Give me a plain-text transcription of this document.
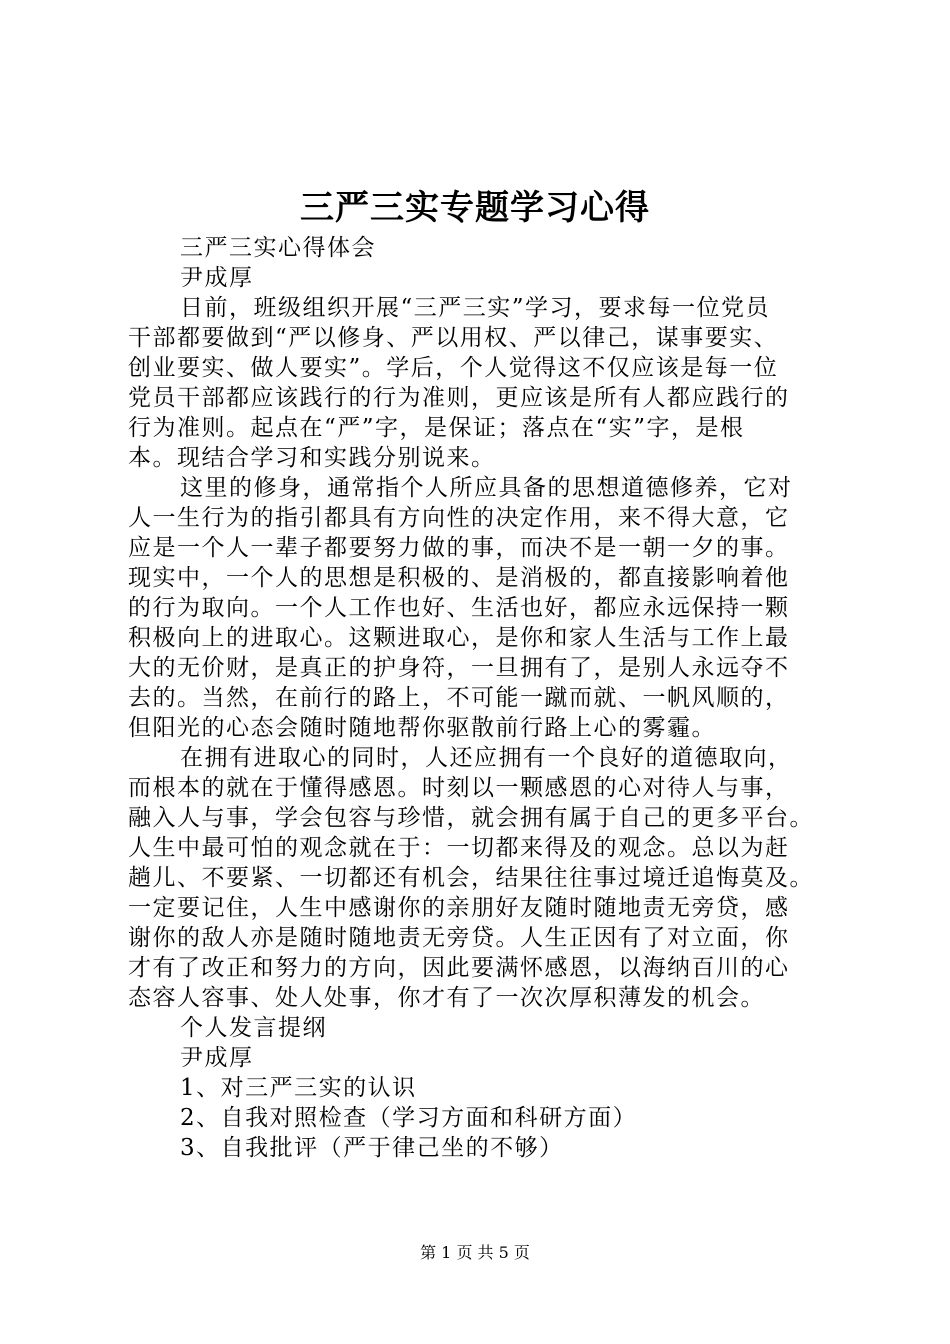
三严三实专题学习心得
三严三实心得体会
尹成厚
日前，班级组织开展“三严三实”学习，要求每一位党员
干部都要做到“严以修身、严以用权、严以律己，谋事要实、
创业要实、做人要实”。学后，个人觉得这不仅应该是每一位
党员干部都应该践行的行为准则，更应该是所有人都应践行的
行为准则。起点在“严”字，是保证；落点在“实”字，是根
本。现结合学习和实践分别说来。
这里的修身，通常指个人所应具备的思想道德修养，它对
人一生行为的指引都具有方向性的决定作用，来不得大意，它
应是一个人一辈子都要努力做的事，而决不是一朝一夕的事。
现实中，一个人的思想是积极的、是消极的，都直接影响着他
的行为取向。一个人工作也好、生活也好，都应永远保持一颗
积极向上的进取心。这颗进取心，是你和家人生活与工作上最
大的无价财，是真正的护身符，一旦拥有了，是别人永远夺不
去的。当然，在前行的路上，不可能一蹴而就、一帆风顺的，
但阳光的心态会随时随地帮你驱散前行路上心的雾霾。
在拥有进取心的同时，人还应拥有一个良好的道德取向，
而根本的就在于懂得感恩。时刻以一颗感恩的心对待人与事，
融入人与事，学会包容与珍惜，就会拥有属于自己的更多平台。
人生中最可怕的观念就在于：一切都来得及的观念。总以为赶
趟儿、不要紧、一切都还有机会，结果往往事过境迁追悔莫及。
一定要记住，人生中感谢你的亲朋好友随时随地责无旁贷，感
谢你的敌人亦是随时随地责无旁贷。人生正因有了对立面，你
才有了改正和努力的方向，因此要满怀感恩，以海纳百川的心
态容人容事、处人处事，你才有了一次次厚积薄发的机会。
个人发言提纲
尹成厚
1、对三严三实的认识
2、自我对照检查（学习方面和科研方面）
3、自我批评（严于律己坐的不够）
第 1 页 共 5 页
